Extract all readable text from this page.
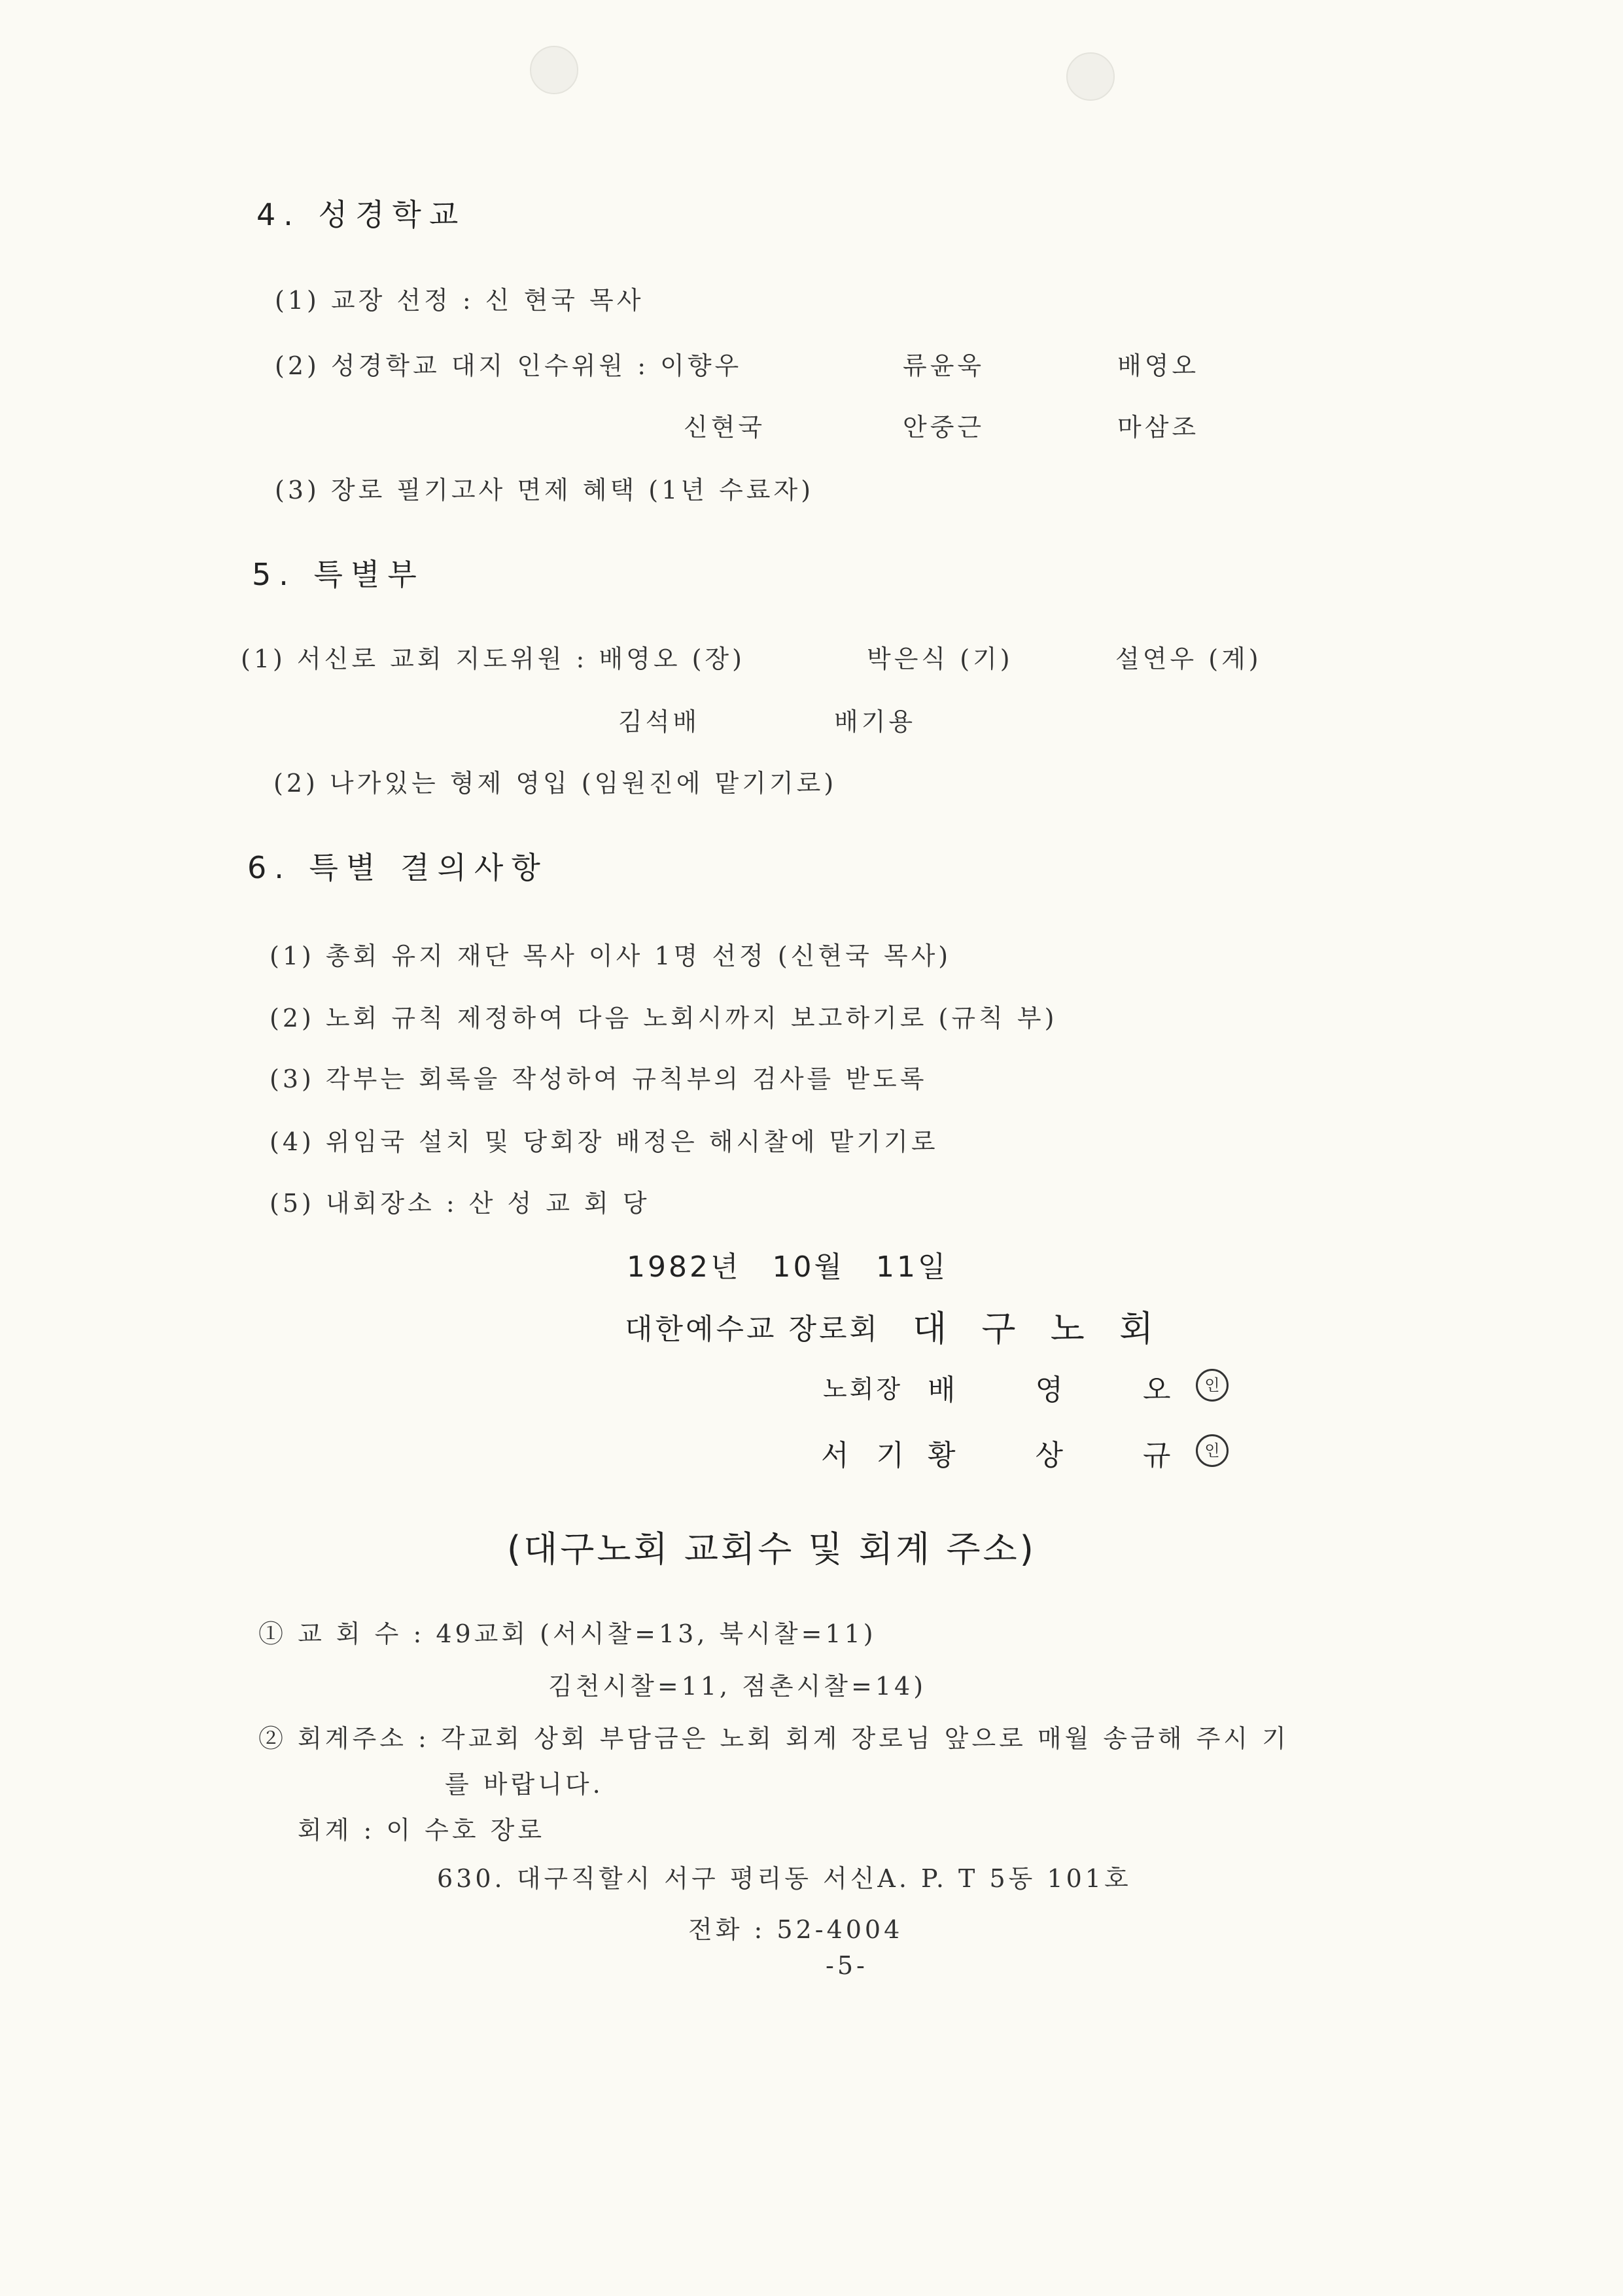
4. 성경학교
(1) 교장 선정 : 신 현국 목사
(2) 성경학교 대지 인수위원 : 이향우	류윤욱	배영오
신현국	안중근	마삼조
(3) 장로 필기고사 면제 혜택 (1년 수료자)
5. 특별부
(1) 서신로 교회 지도위원 : 배영오 (장)	박은식 (기)	설연우 (계)
김석배	배기용
(2) 나가있는 형제 영입 (임원진에 맡기기로)
6. 특별 결의사항
(1) 총회 유지 재단 목사 이사 1명 선정 (신현국 목사)
(2) 노회 규칙 제정하여 다음 노회시까지 보고하기로 (규칙 부)
(3) 각부는 회록을 작성하여 규칙부의 검사를 받도록
(4) 위임국 설치 및 당회장 배정은 해시찰에 맡기기로
(5) 내회장소 : 산 성 교 회 당
1982년 10월 11일
대한예수교 장로회 대 구 노 회
노회장 배 영 오	인
서 기 황 상 규	인
(대구노회 교회수 및 회계 주소)
① 교 회 수 : 49교회 (서시찰=13, 북시찰=11)
김천시찰=11, 점촌시찰=14)
② 회계주소 : 각교회 상회 부담금은 노회 회계 장로님 앞으로 매월 송금해 주시 기
를 바랍니다.
회계 : 이 수호 장로
630. 대구직할시 서구 평리동 서신A. P. T 5동 101호
전화 : 52-4004
-5-
